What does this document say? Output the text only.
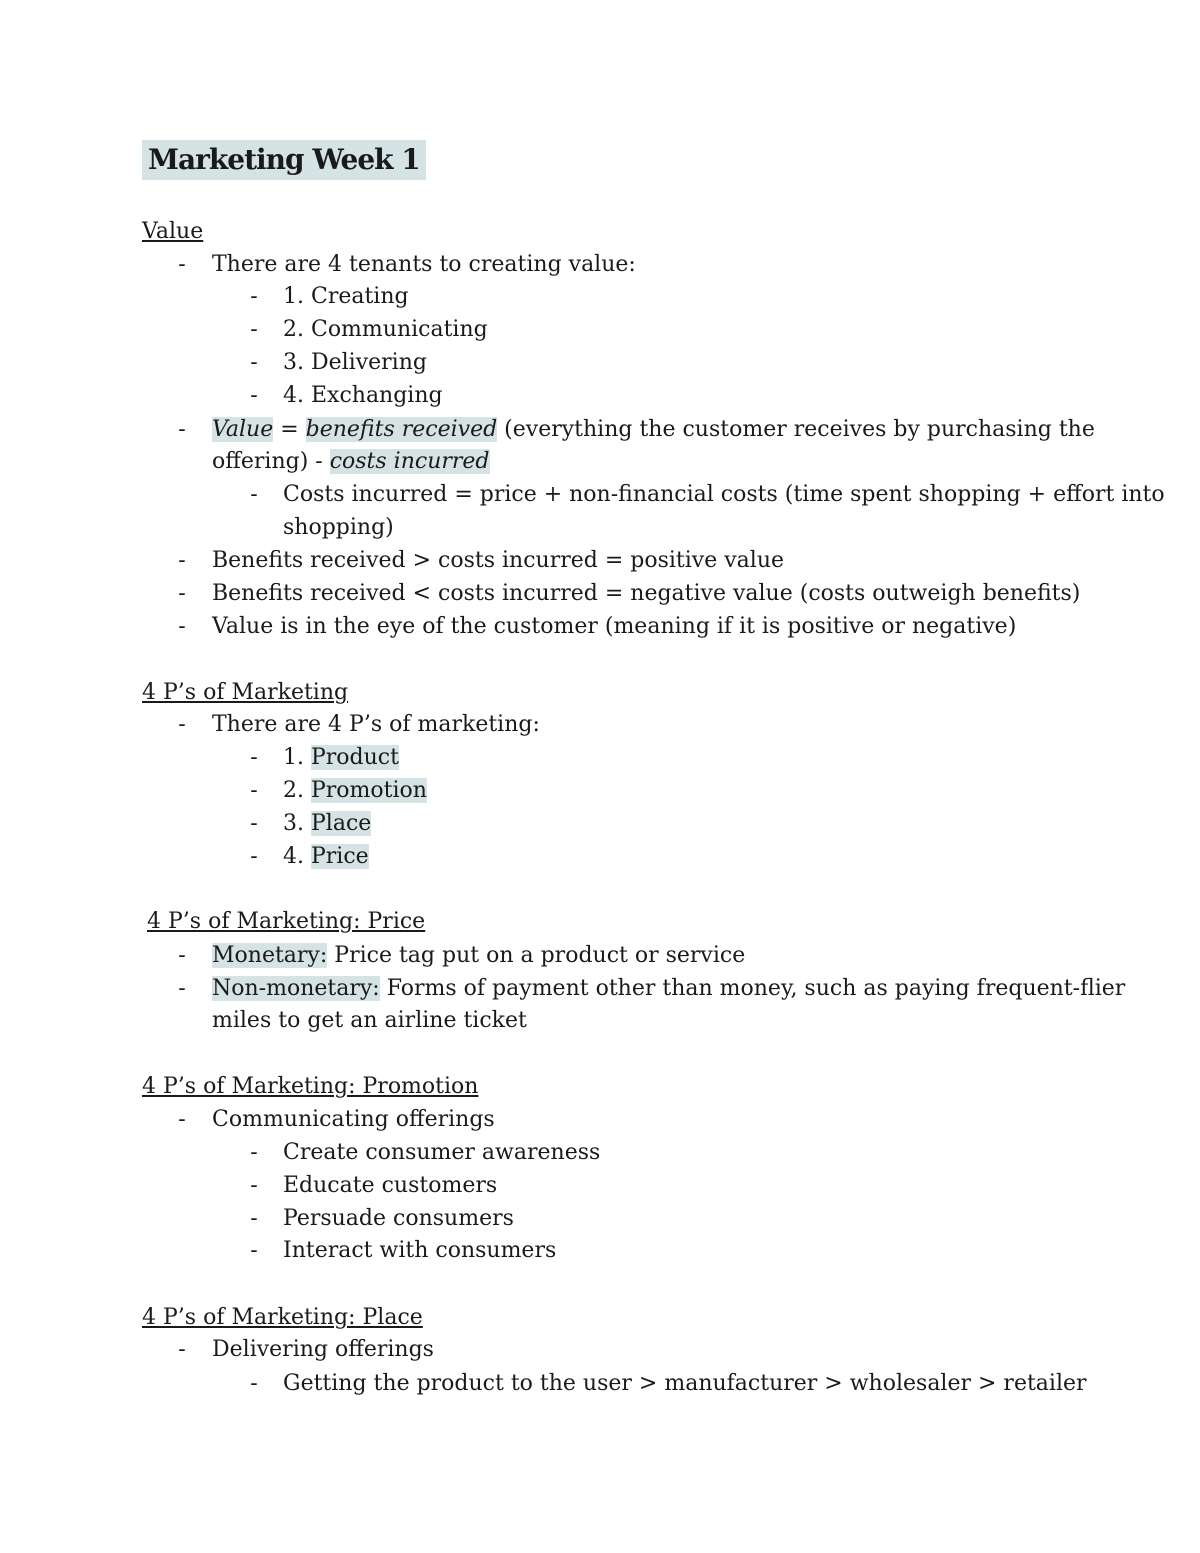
Marketing Week 1
Value
- There are 4 tenants to creating value:
- 1. Creating
- 2. Communicating
- 3. Delivering
- 4. Exchanging
- Value = benefits received (everything the customer receives by purchasing the
offering) - costs incurred
- Costs incurred = price + non-financial costs (time spent shopping + effort into
shopping)
- Benefits received > costs incurred = positive value
- Benefits received < costs incurred = negative value (costs outweigh benefits)
- Value is in the eye of the customer (meaning if it is positive or negative)
4 P’s of Marketing
- There are 4 P’s of marketing:
- 1. Product
- 2. Promotion
- 3. Place
- 4. Price
4 P’s of Marketing: Price
- Monetary: Price tag put on a product or service
- Non-monetary: Forms of payment other than money, such as paying frequent-flier
miles to get an airline ticket
4 P’s of Marketing: Promotion
- Communicating offerings
- Create consumer awareness
- Educate customers
- Persuade consumers
- Interact with consumers
4 P’s of Marketing: Place
- Delivering offerings
- Getting the product to the user > manufacturer > wholesaler > retailer
